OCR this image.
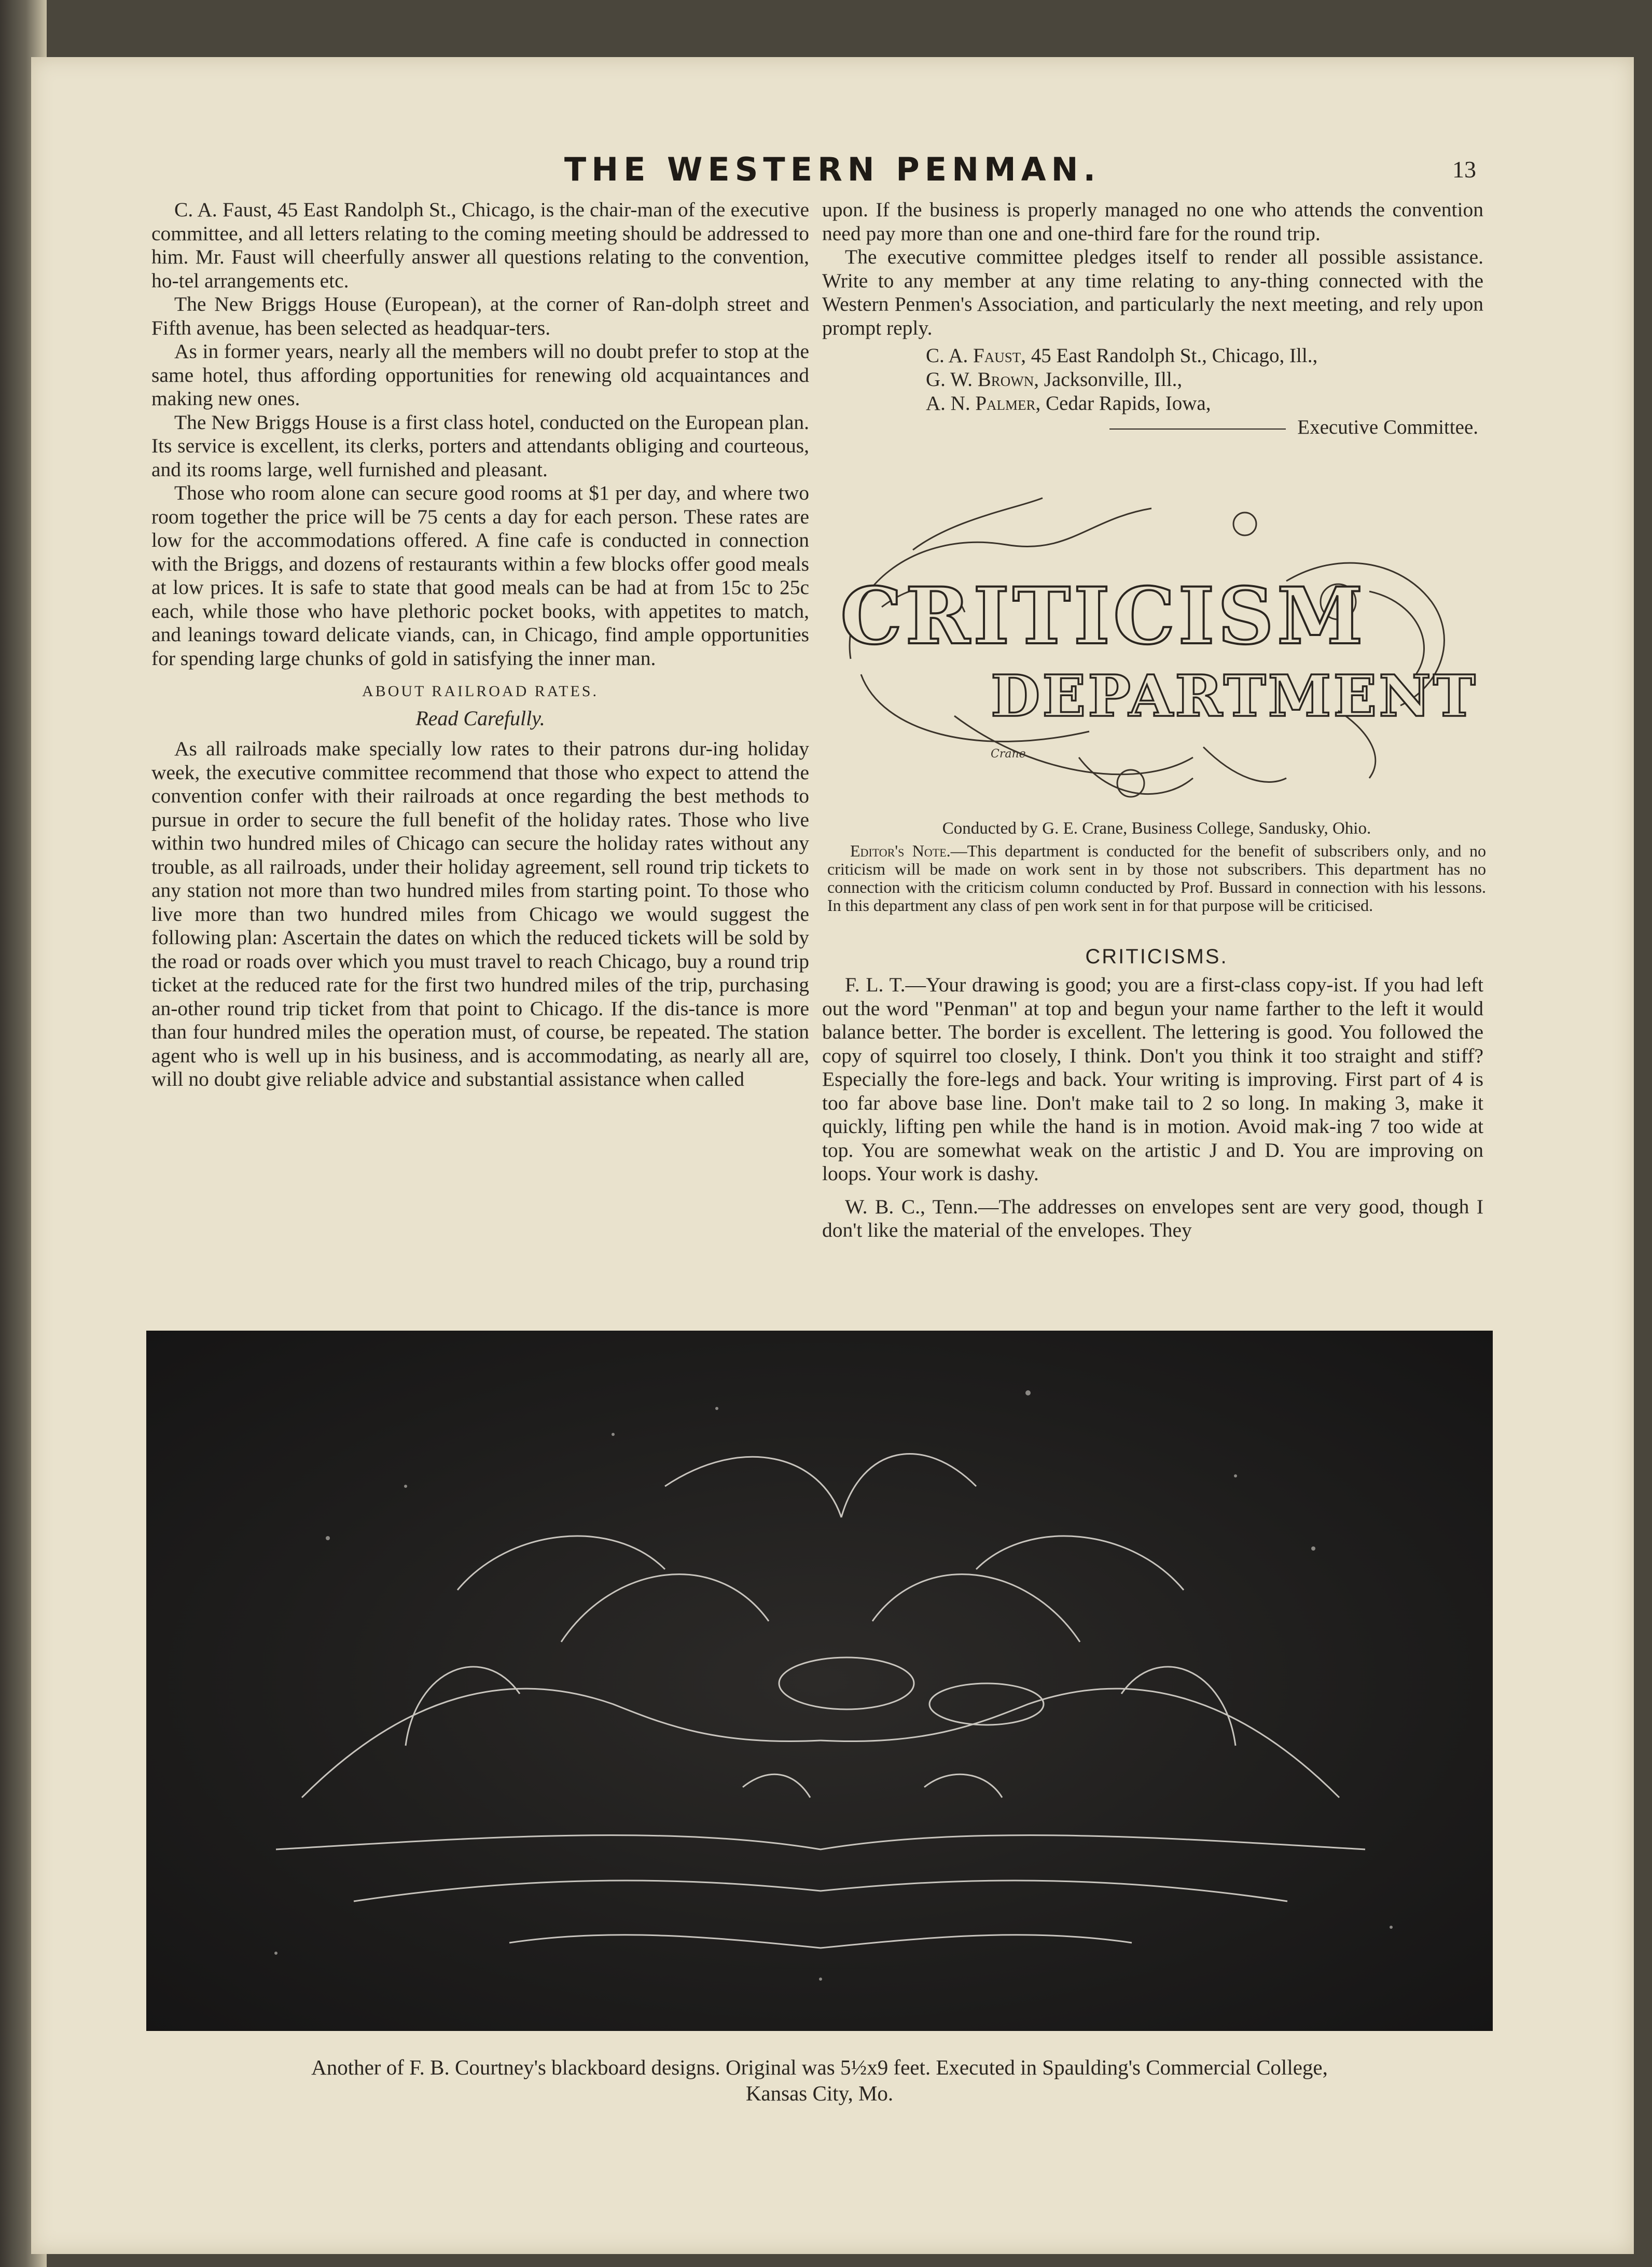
THE WESTERN PENMAN.	13

C. A. Faust, 45 East Randolph St., Chicago, is the chair-man of the executive committee, and all letters relating to the coming meeting should be addressed to him. Mr. Faust will cheerfully answer all questions relating to the convention, ho-tel arrangements etc.

The New Briggs House (European), at the corner of Ran-dolph street and Fifth avenue, has been selected as headquar-ters.

As in former years, nearly all the members will no doubt prefer to stop at the same hotel, thus affording opportunities for renewing old acquaintances and making new ones.

The New Briggs House is a first class hotel, conducted on the European plan. Its service is excellent, its clerks, porters and attendants obliging and courteous, and its rooms large, well furnished and pleasant.

Those who room alone can secure good rooms at $1 per day, and where two room together the price will be 75 cents a day for each person. These rates are low for the accommodations offered. A fine cafe is conducted in connection with the Briggs, and dozens of restaurants within a few blocks offer good meals at low prices. It is safe to state that good meals can be had at from 15c to 25c each, while those who have plethoric pocket books, with appetites to match, and leanings toward delicate viands, can, in Chicago, find ample opportunities for spending large chunks of gold in satisfying the inner man.

ABOUT RAILROAD RATES.
Read Carefully.

As all railroads make specially low rates to their patrons dur-ing holiday week, the executive committee recommend that those who expect to attend the convention confer with their railroads at once regarding the best methods to pursue in order to secure the full benefit of the holiday rates. Those who live within two hundred miles of Chicago can secure the holiday rates without any trouble, as all railroads, under their holiday agreement, sell round trip tickets to any station not more than two hundred miles from starting point. To those who live more than two hundred miles from Chicago we would suggest the following plan: Ascertain the dates on which the reduced tickets will be sold by the road or roads over which you must travel to reach Chicago, buy a round trip ticket at the reduced rate for the first two hundred miles of the trip, purchasing an-other round trip ticket from that point to Chicago. If the dis-tance is more than four hundred miles the operation must, of course, be repeated. The station agent who is well up in his business, and is accommodating, as nearly all are, will no doubt give reliable advice and substantial assistance when called

upon. If the business is properly managed no one who attends the convention need pay more than one and one-third fare for the round trip.

The executive committee pledges itself to render all possible assistance. Write to any member at any time relating to any-thing connected with the Western Penmen's Association, and particularly the next meeting, and rely upon prompt reply.

C. A. Faust, 45 East Randolph St., Chicago, Ill.,
G. W. Brown, Jacksonville, Ill.,
A. N. Palmer, Cedar Rapids, Iowa,
Executive Committee.
CRITICISM
DEPARTMENT
Crane
Conducted by G. E. Crane, Business College, Sandusky, Ohio.
Editor's Note.—This department is conducted for the benefit of subscribers only, and no criticism will be made on work sent in by those not subscribers. This department has no connection with the criticism column conducted by Prof. Bussard in connection with his lessons. In this department any class of pen work sent in for that purpose will be criticised.
CRITICISMS.

F. L. T.—Your drawing is good; you are a first-class copy-ist. If you had left out the word "Penman" at top and begun your name farther to the left it would balance better. The border is excellent. The lettering is good. You followed the copy of squirrel too closely, I think. Don't you think it too straight and stiff? Especially the fore-legs and back. Your writing is improving. First part of 4 is too far above base line. Don't make tail to 2 so long. In making 3, make it quickly, lifting pen while the hand is in motion. Avoid mak-ing 7 too wide at top. You are somewhat weak on the artistic J and D. You are improving on loops. Your work is dashy.

W. B. C., Tenn.—The addresses on envelopes sent are very good, though I don't like the material of the envelopes. They

Another of F. B. Courtney's blackboard designs. Original was 5½x9 feet. Executed in Spaulding's Commercial College,
Kansas City, Mo.
